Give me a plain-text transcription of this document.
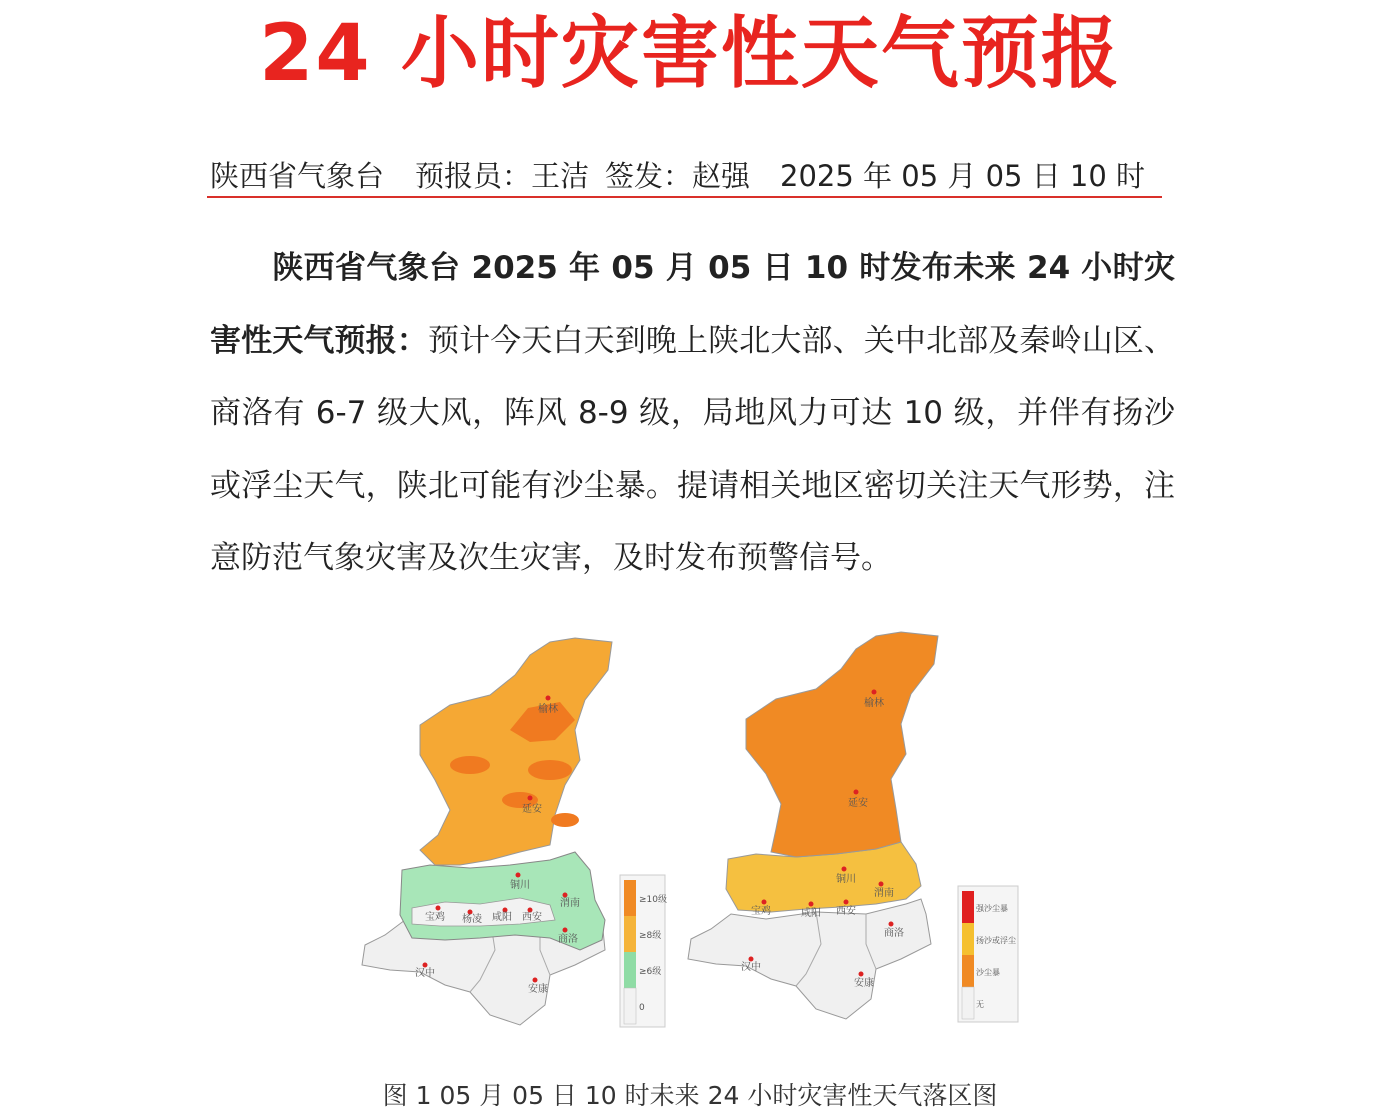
24 小时灾害性天气预报
陕西省气象台 预报员：王洁 签发：赵强 2025 年 05 月 05 日 10 时
陕西省气象台 2025 年 05 月 05 日 10 时发布未来 24 小时灾害性天气预报：预计今天白天到晚上陕北大部、关中北部及秦岭山区、商洛有 6-7 级大风，阵风 8-9 级，局地风力可达 10 级，并伴有扬沙或浮尘天气，陕北可能有沙尘暴。提请相关地区密切关注天气形势，注意防范气象灾害及次生灾害，及时发布预警信号。
榆林
延安
铜川
宝鸡 杨凌 咸阳 西安
渭南
汉中
安康
商洛
≥10级
≥8级
≥6级
0
榆林
延安
铜川
宝鸡	咸阳 西安
渭南
商洛
汉中
安康
强沙尘暴
扬沙或浮尘
沙尘暴
无
图 1 05 月 05 日 10 时未来 24 小时灾害性天气落区图
